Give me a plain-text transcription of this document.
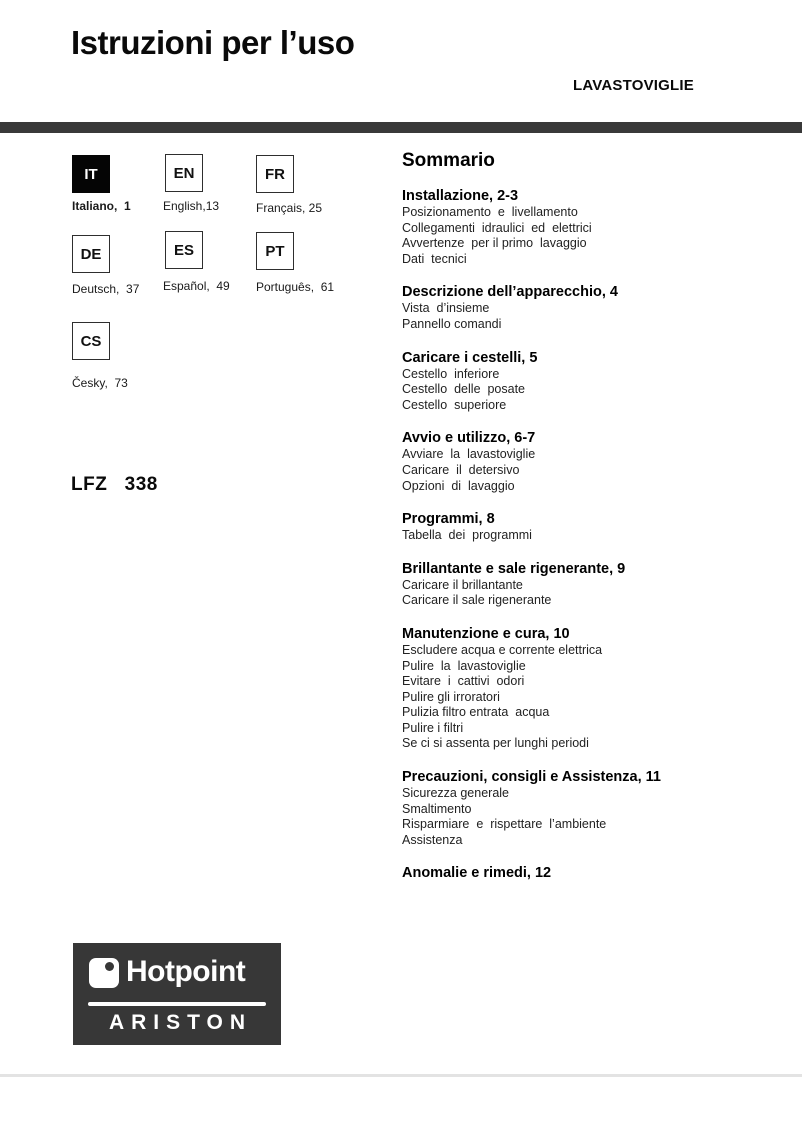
Istruzioni per l’uso
LAVASTOVIGLIE
IT	EN	FR
Italiano,  1	English,13	Français, 25
DE	ES	PT
Deutsch,  37 Español,  49 Português,  61
CS
Česky,  73
LFZ   338
Sommario
Installazione, 2-3
Posizionamento  e  livellamento
Collegamenti  idraulici  ed  elettrici
Avvertenze  per il primo  lavaggio
Dati  tecnici
Descrizione dell’apparecchio, 4
Vista  d’insieme
Pannello comandi
Caricare i cestelli, 5
Cestello  inferiore
Cestello  delle  posate
Cestello  superiore
Avvio e utilizzo, 6-7
Avviare  la  lavastoviglie
Caricare  il  detersivo
Opzioni  di  lavaggio
Programmi, 8
Tabella  dei  programmi
Brillantante e sale rigenerante, 9
Caricare il brillantante
Caricare il sale rigenerante
Manutenzione e cura, 10
Escludere acqua e corrente elettrica
Pulire  la  lavastoviglie
Evitare  i  cattivi  odori
Pulire gli irroratori
Pulizia filtro entrata  acqua
Pulire i filtri
Se ci si assenta per lunghi periodi
Precauzioni, consigli e Assistenza, 11
Sicurezza generale
Smaltimento
Risparmiare  e  rispettare  l’ambiente
Assistenza
Anomalie e rimedi, 12
Hotpoint
ARISTON
